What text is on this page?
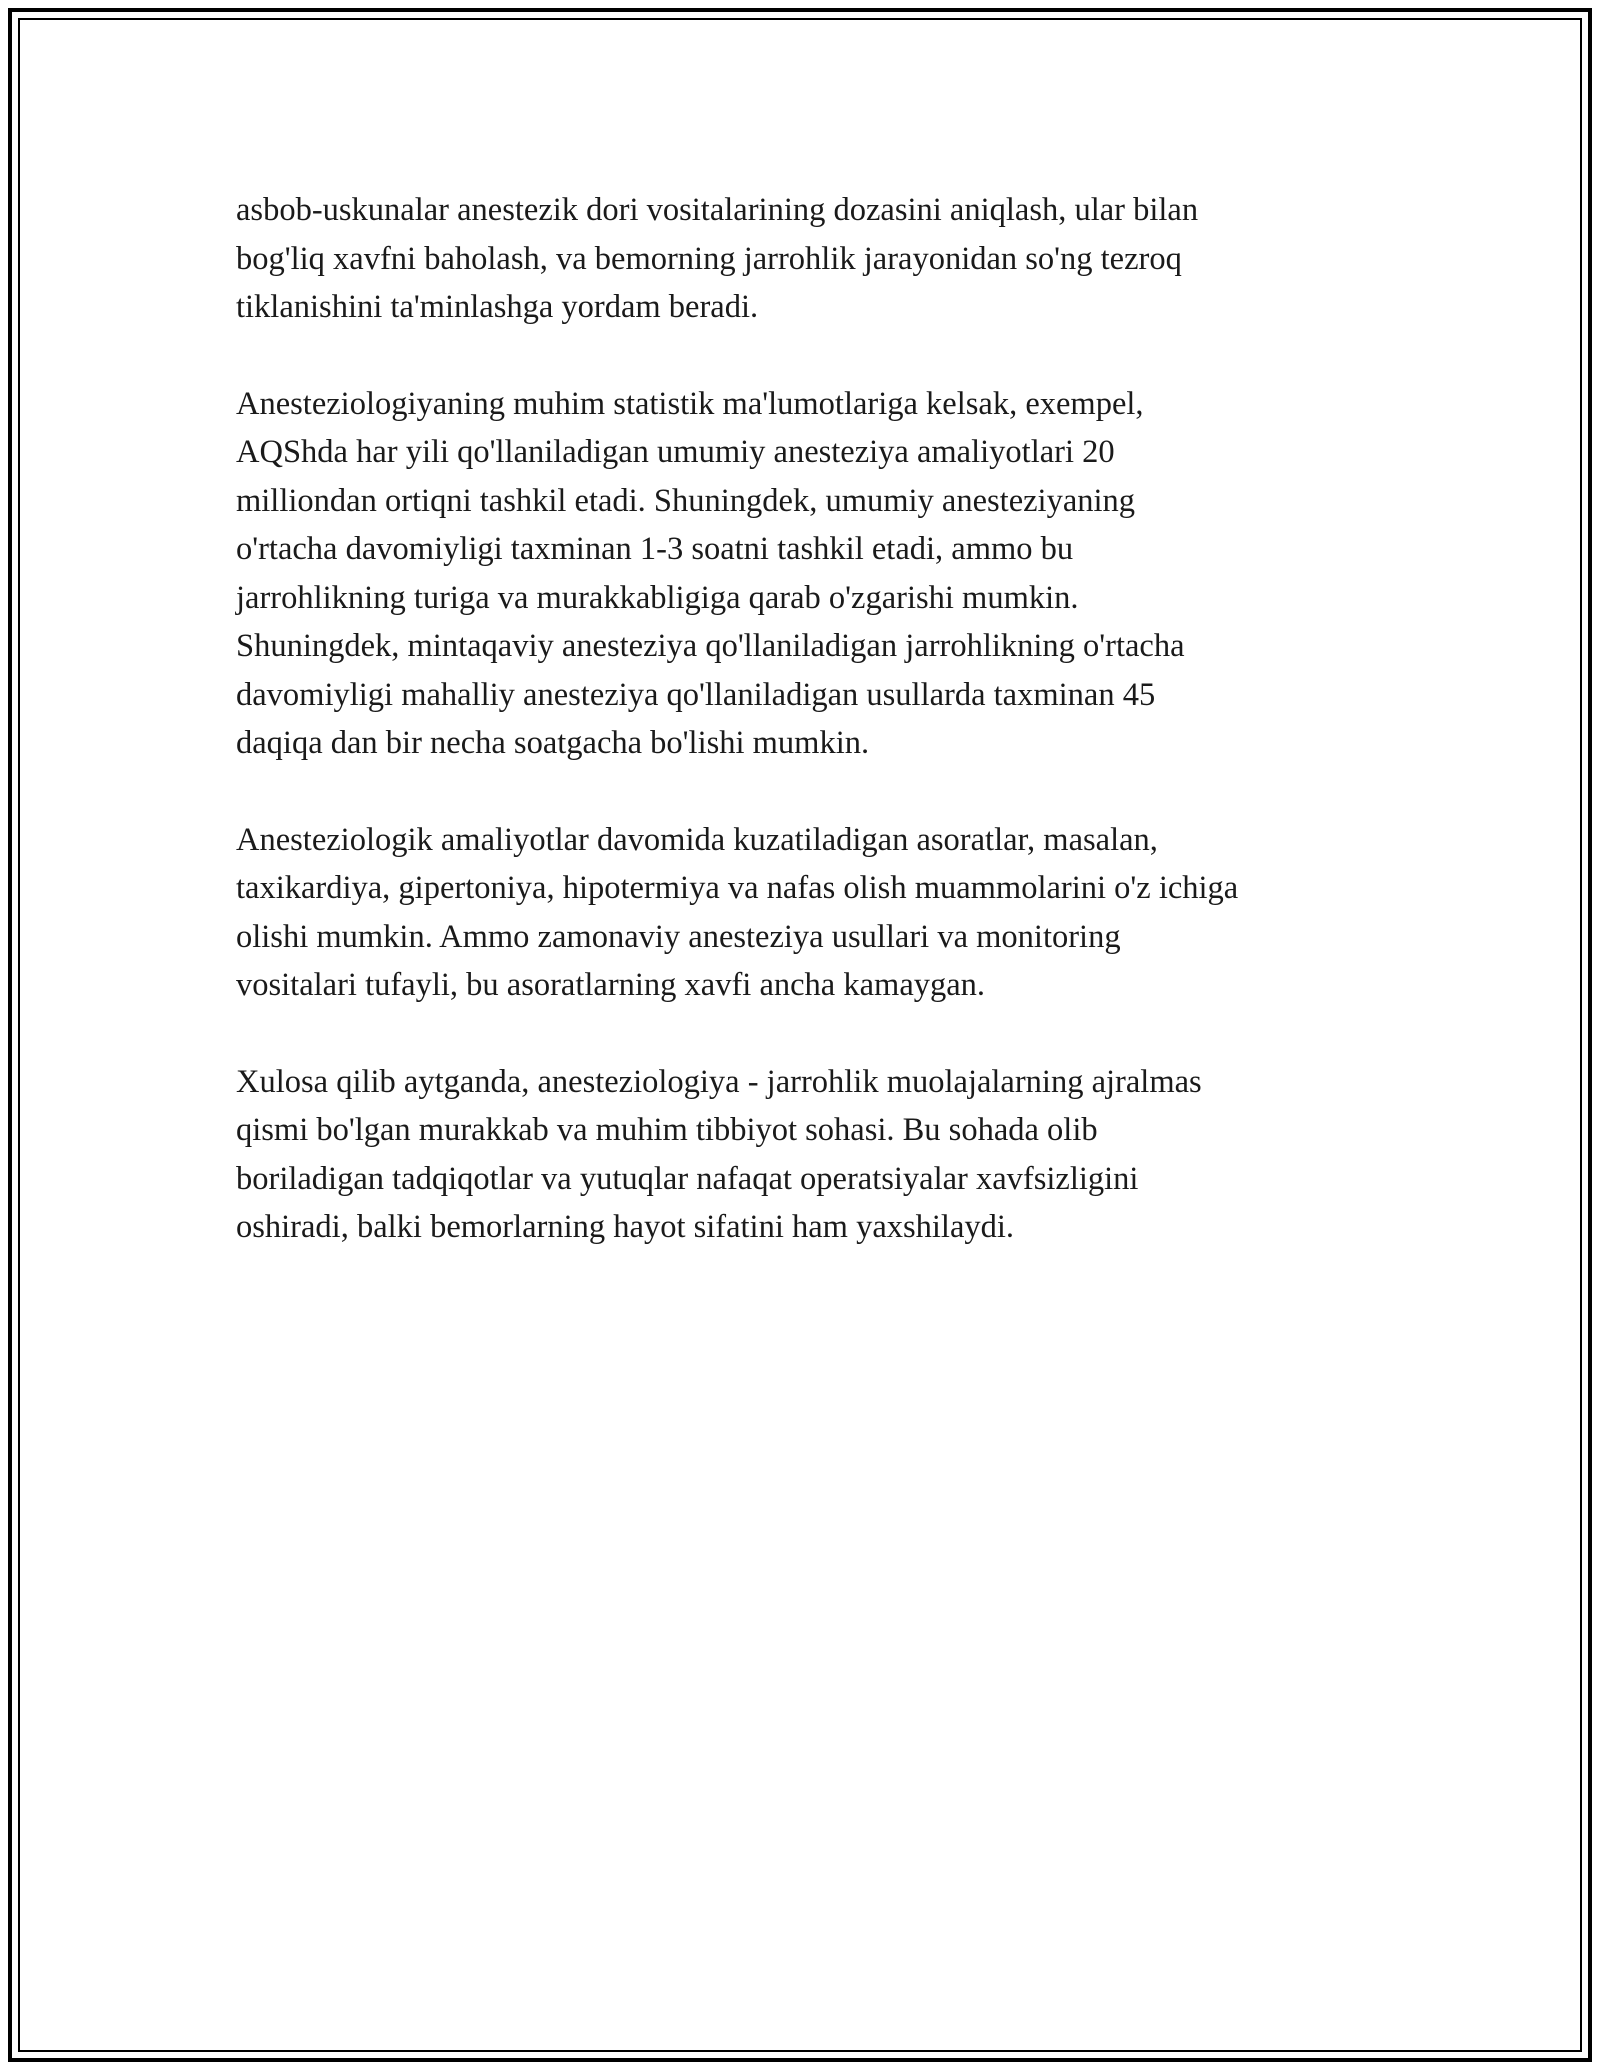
asbob-uskunalar anestezik dori vositalarining dozasini aniqlash, ular bilan
bog'liq xavfni baholash, va bemorning jarrohlik jarayonidan so'ng tezroq
tiklanishini ta'minlashga yordam beradi.

Anesteziologiyaning muhim statistik ma'lumotlariga kelsak, exempel,
AQShda har yili qo'llaniladigan umumiy anesteziya amaliyotlari 20
milliondan ortiqni tashkil etadi. Shuningdek, umumiy anesteziyaning
o'rtacha davomiyligi taxminan 1-3 soatni tashkil etadi, ammo bu
jarrohlikning turiga va murakkabligiga qarab o'zgarishi mumkin.
Shuningdek, mintaqaviy anesteziya qo'llaniladigan jarrohlikning o'rtacha
davomiyligi mahalliy anesteziya qo'llaniladigan usullarda taxminan 45
daqiqa dan bir necha soatgacha bo'lishi mumkin.

Anesteziologik amaliyotlar davomida kuzatiladigan asoratlar, masalan,
taxikardiya, gipertoniya, hipotermiya va nafas olish muammolarini o'z ichiga
olishi mumkin. Ammo zamonaviy anesteziya usullari va monitoring
vositalari tufayli, bu asoratlarning xavfi ancha kamaygan.

Xulosa qilib aytganda, anesteziologiya - jarrohlik muolajalarning ajralmas
qismi bo'lgan murakkab va muhim tibbiyot sohasi. Bu sohada olib
boriladigan tadqiqotlar va yutuqlar nafaqat operatsiyalar xavfsizligini
oshiradi, balki bemorlarning hayot sifatini ham yaxshilaydi.
